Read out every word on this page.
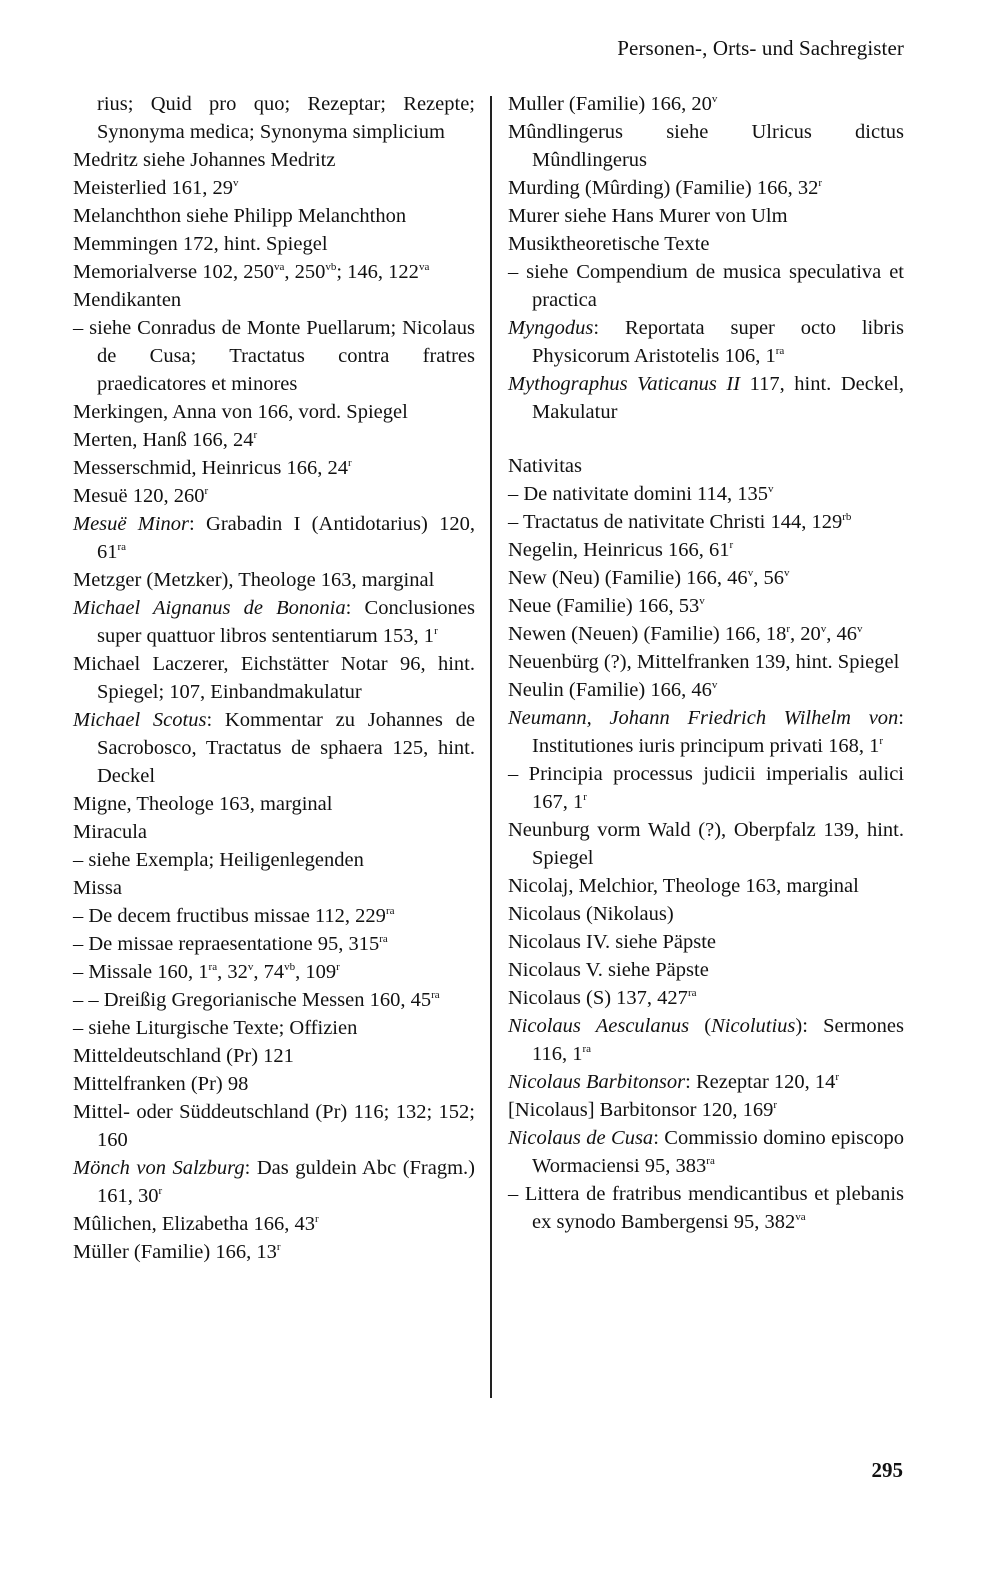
Personen-, Orts- und Sachregister
rius; Quid pro quo; Rezeptar; Rezepte; Synonyma medica; Synonyma simplicium
Medritz siehe Johannes Medritz
Meisterlied 161, 29$^v$
Melanchthon siehe Philipp Melanchthon
Memmingen 172, hint. Spiegel
Memorialverse 102, $250^{va}$, $250^{vb}$; 146, $122^{va}$
Mendikanten
– siehe Conradus de Monte Puellarum; Nicolaus de Cusa; Tractatus contra fratres praedicatores et minores
Merkingen, Anna von 166, vord. Spiegel
Merten, Hanß 166, 24$^r$
Messerschmid, Heinricus 166, 24$^r$
Mesuë 120, 260$^r$
Mesuë Minor: Grabadin I (Antidotarius) 120, $61^{ra}$
Metzger (Metzker), Theologe 163, marginal
Michael Aignanus de Bononia: Conclusiones super quattuor libros sententiarum 153, 1$^r$
Michael Laczerer, Eichstätter Notar 96, hint. Spiegel; 107, Einbandmakulatur
Michael Scotus: Kommentar zu Johannes de Sacrobosco, Tractatus de sphaera 125, hint. Deckel
Migne, Theologe 163, marginal
Miracula
– siehe Exempla; Heiligenlegenden
Missa
– De decem fructibus missae 112, $229^{ra}$
– De missae repraesentatione 95, $315^{ra}$
– Missale 160, $1^{ra}$, 32$^v$, $74^{vb}$, 109$^r$
– – Dreißig Gregorianische Messen 160, $45^{ra}$
– siehe Liturgische Texte; Offizien
Mitteldeutschland (Pr) 121
Mittelfranken (Pr) 98
Mittel- oder Süddeutschland (Pr) 116; 132; 152; 160
Mönch von Salzburg: Das guldein Abc (Fragm.) 161, 30$^r$
Mûlichen, Elizabetha 166, 43$^r$
Müller (Familie) 166, 13$^r$
Muller (Familie) 166, 20$^v$
Mûndlingerus siehe Ulricus dictus Mûndlingerus
Murding (Mûrding) (Familie) 166, 32$^r$
Murer siehe Hans Murer von Ulm
Musiktheoretische Texte
– siehe Compendium de musica speculativa et practica
Myngodus: Reportata super octo libris Physicorum Aristotelis 106, $1^{ra}$
Mythographus Vaticanus II 117, hint. Deckel, Makulatur
Nativitas
– De nativitate domini 114, 135$^v$
– Tractatus de nativitate Christi 144, $129^{rb}$
Negelin, Heinricus 166, 61$^r$
New (Neu) (Familie) 166, 46$^v$, 56$^v$
Neue (Familie) 166, 53$^v$
Newen (Neuen) (Familie) 166, 18$^r$, 20$^v$, 46$^v$
Neuenbürg (?), Mittelfranken 139, hint. Spiegel
Neulin (Familie) 166, 46$^v$
Neumann, Johann Friedrich Wilhelm von: Institutiones iuris principum privati 168, 1$^r$
– Principia processus judicii imperialis aulici 167, 1$^r$
Neunburg vorm Wald (?), Oberpfalz 139, hint. Spiegel
Nicolaj, Melchior, Theologe 163, marginal
Nicolaus (Nikolaus)
Nicolaus IV. siehe Päpste
Nicolaus V. siehe Päpste
Nicolaus (S) 137, $427^{ra}$
Nicolaus Aesculanus (Nicolutius): Sermones 116, $1^{ra}$
Nicolaus Barbitonsor: Rezeptar 120, 14$^r$
[Nicolaus] Barbitonsor 120, 169$^r$
Nicolaus de Cusa: Commissio domino episcopo Wormaciensi 95, $383^{ra}$
– Littera de fratribus mendicantibus et plebanis ex synodo Bambergensi 95, $382^{va}$
295
